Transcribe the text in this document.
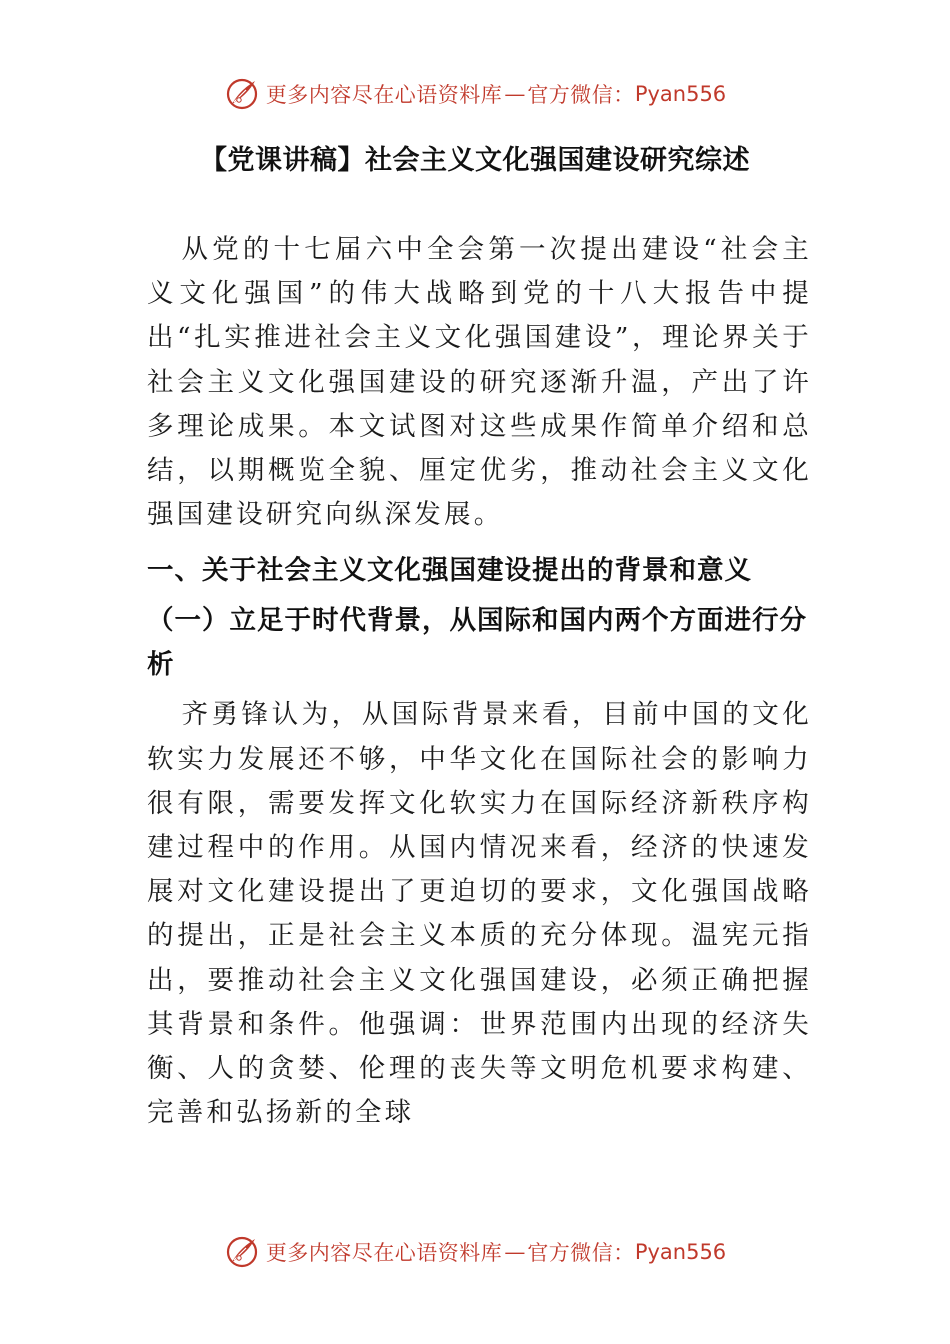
更多内容尽在心语资料库 — 官方微信： Pyan556
【党课讲稿】社会主义文化强国建设研究综述

从党的十七届六中全会第一次提出建设“社会主义文化强国”的伟大战略到党的十八大报告中提出“扎实推进社会主义文化强国建设”，理论界关于社会主义文化强国建设的研究逐渐升温，产出了许多理论成果。本文试图对这些成果作简单介绍和总结，以期概览全貌、厘定优劣，推动社会主义文化强国建设研究向纵深发展。

一、关于社会主义文化强国建设提出的背景和意义
（一）立足于时代背景，从国际和国内两个方面进行分析

齐勇锋认为，从国际背景来看，目前中国的文化软实力发展还不够，中华文化在国际社会的影响力很有限，需要发挥文化软实力在国际经济新秩序构建过程中的作用。从国内情况来看，经济的快速发展对文化建设提出了更迫切的要求，文化强国战略的提出，正是社会主义本质的充分体现。温宪元指出，要推动社会主义文化强国建设，必须正确把握其背景和条件。他强调：世界范围内出现的经济失衡、人的贪婪、伦理的丧失等文明危机要求构建、完善和弘扬新的全球

更多内容尽在心语资料库 — 官方微信： Pyan556
